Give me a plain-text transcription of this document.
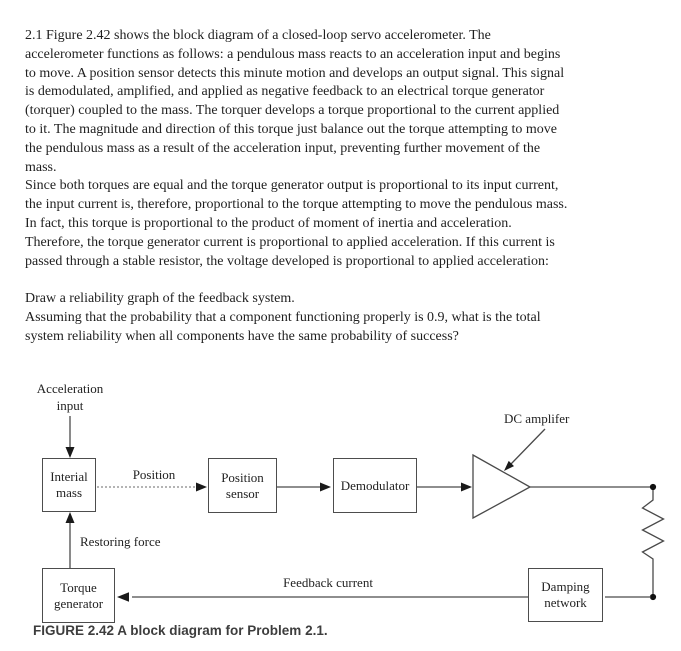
2.1 Figure 2.42 shows the block diagram of a closed-loop servo accelerometer. The
accelerometer functions as follows: a pendulous mass reacts to an acceleration input and begins
to move. A position sensor detects this minute motion and develops an output signal. This signal
is demodulated, amplified, and applied as negative feedback to an electrical torque generator
(torquer) coupled to the mass. The torquer develops a torque proportional to the current applied
to it. The magnitude and direction of this torque just balance out the torque attempting to move
the pendulous mass as a result of the acceleration input, preventing further movement of the
mass.
Since both torques are equal and the torque generator output is proportional to its input current,
the input current is, therefore, proportional to the torque attempting to move the pendulous mass.
In fact, this torque is proportional to the product of moment of inertia and acceleration.
Therefore, the torque generator current is proportional to applied acceleration. If this current is
passed through a stable resistor, the voltage developed is proportional to applied acceleration:
Draw a reliability graph of the feedback system.
Assuming that the probability that a component functioning properly is 0.9, what is the total
system reliability when all components have the same probability of success?
Acceleration
input
Position
DC amplifer
Restoring force
Feedback current
Interial
mass
Position
sensor
Demodulator
Damping
network
Torque
generator
FIGURE 2.42 A block diagram for Problem 2.1.
